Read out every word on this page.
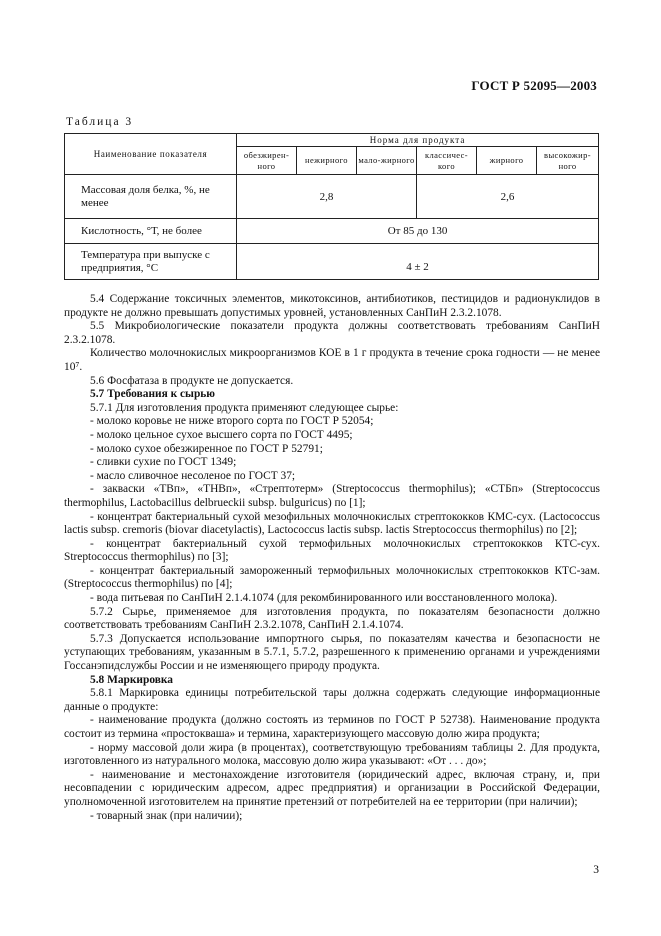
ГОСТ Р 52095—2003
Таблица 3
Наименование показателя	Норма для продукта					
	обезжирен-ного	нежирного	мало-жирного	классичес-кого	жирного	высокожир-ного
Массовая доля белка, %, не менее	2,8			2,6		
Кислотность, °Т, не более	От 85 до 130					
Температура при выпуске с предприятия, °С	4 ± 2					

5.4 Содержание токсичных элементов, микотоксинов, антибиотиков, пестицидов и радионуклидов в продукте не должно превышать допустимых уровней, установленных СанПиН 2.3.2.1078.

5.5 Микробиологические показатели продукта должны соответствовать требованиям СанПиН 2.3.2.1078.

Количество молочнокислых микроорганизмов КОЕ в 1 г продукта в течение срока годности — не менее 10⁷.

5.6 Фосфатаза в продукте не допускается.

5.7 Требования к сырью

5.7.1 Для изготовления продукта применяют следующее сырье:

- молоко коровье не ниже второго сорта по ГОСТ Р 52054;

- молоко цельное сухое высшего сорта по ГОСТ 4495;

- молоко сухое обезжиренное по ГОСТ Р 52791;

- сливки сухие по ГОСТ 1349;

- масло сливочное несоленое по ГОСТ 37;

- закваски «ТВп», «ТНВп», «Стрептотерм» (Streptococcus thermophilus); «СТБп» (Streptococcus thermophilus, Lactobacillus delbrueckii subsp. bulguricus) по [1];

- концентрат бактериальный сухой мезофильных молочнокислых стрептококков КМС-сух. (Lactococcus lactis subsp. cremoris (biovar diacetylactis), Lactococcus lactis subsp. lactis Streptococcus thermophilus) по [2];

- концентрат бактериальный сухой термофильных молочнокислых стрептококков КТС-сух. Streptococcus thermophilus) по [3];

- концентрат бактериальный замороженный термофильных молочнокислых стрептококков КТС-зам. (Streptococcus thermophilus) по [4];

- вода питьевая по СанПиН 2.1.4.1074 (для рекомбинированного или восстановленного молока).

5.7.2 Сырье, применяемое для изготовления продукта, по показателям безопасности должно соответствовать требованиям СанПиН 2.3.2.1078, СанПиН 2.1.4.1074.

5.7.3 Допускается использование импортного сырья, по показателям качества и безопасности не уступающих требованиям, указанным в 5.7.1, 5.7.2, разрешенного к применению органами и учреждениями Госсанэпидслужбы России и не изменяющего природу продукта.

5.8 Маркировка

5.8.1 Маркировка единицы потребительской тары должна содержать следующие информационные данные о продукте:

- наименование продукта (должно состоять из терминов по ГОСТ Р 52738). Наименование продукта состоит из термина «простокваша» и термина, характеризующего массовую долю жира продукта;

- норму массовой доли жира (в процентах), соответствующую требованиям таблицы 2. Для продукта, изготовленного из натурального молока, массовую долю жира указывают: «От . . . до»;

- наименование и местонахождение изготовителя (юридический адрес, включая страну, и, при несовпадении с юридическим адресом, адрес предприятия) и организации в Российской Федерации, уполномоченной изготовителем на принятие претензий от потребителей на ее территории (при наличии);

- товарный знак (при наличии);

3
